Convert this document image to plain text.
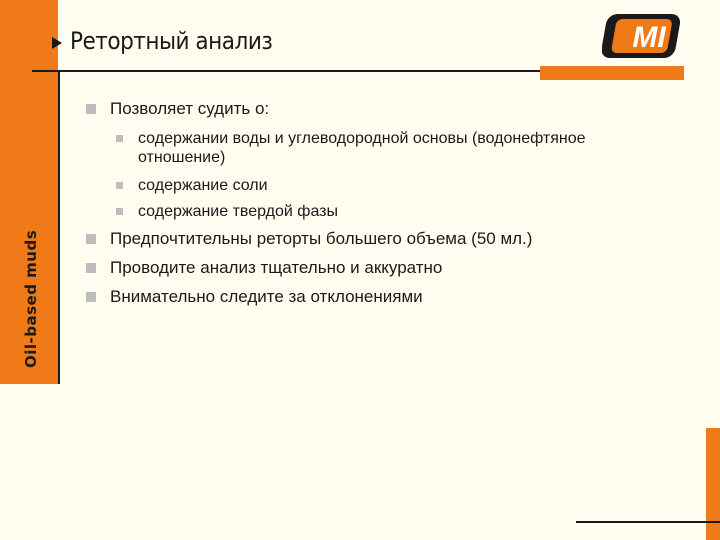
Oil-based muds
Ретортный анализ	MI
Позволяет судить о:
содержании воды и углеводородной основы (водонефтяное отношение)
содержание соли
содержание твердой фазы
Предпочтительны реторты большего объема (50 мл.)
Проводите анализ тщательно и аккуратно
Внимательно следите за отклонениями
